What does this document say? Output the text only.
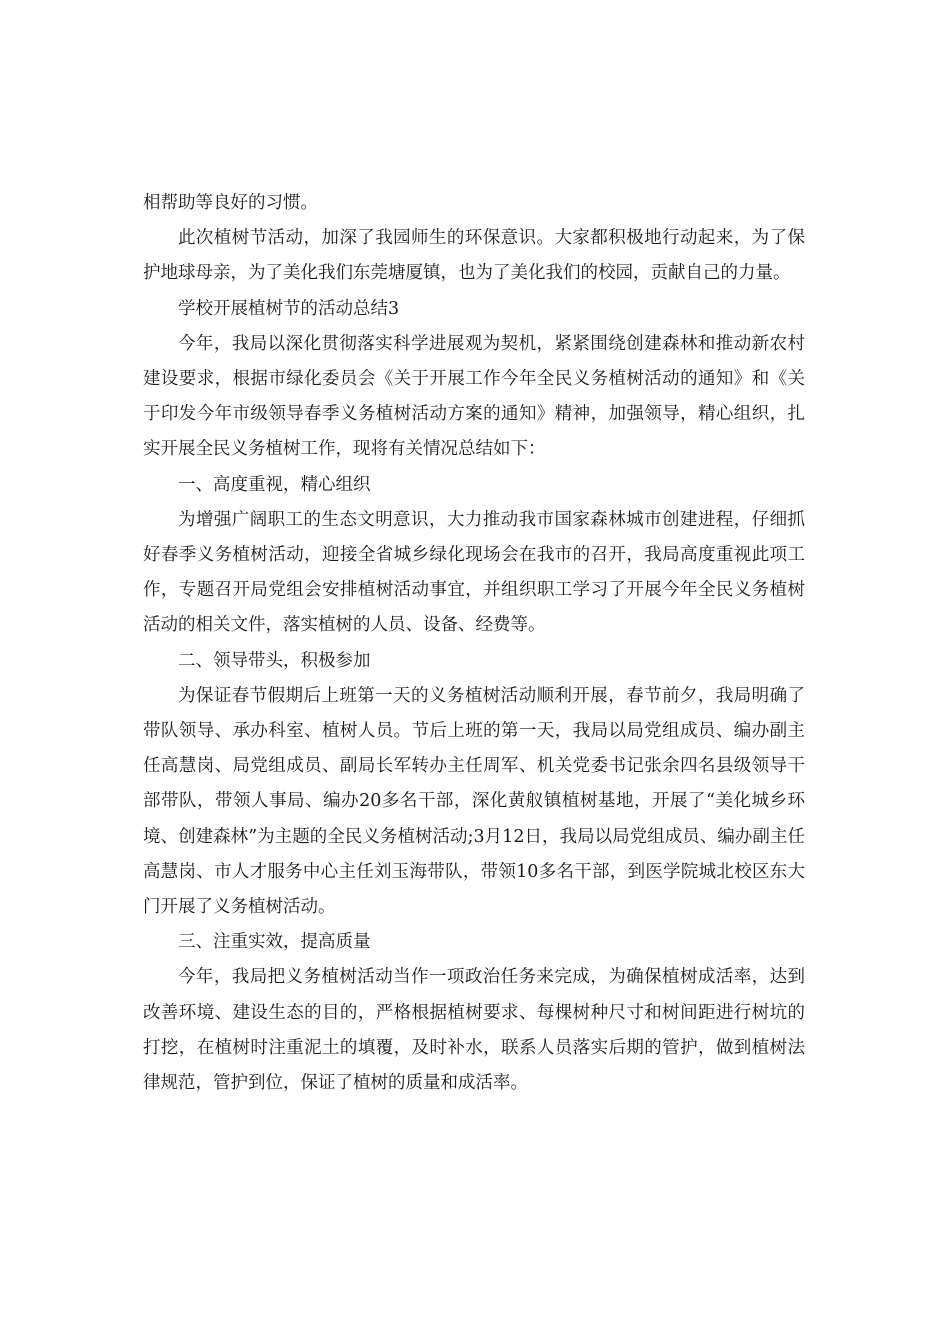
相帮助等良好的习惯。

此次植树节活动，加深了我园师生的环保意识。大家都积极地行动起来，为了保护地球母亲，为了美化我们东莞塘厦镇，也为了美化我们的校园，贡献自己的力量。

学校开展植树节的活动总结3

今年，我局以深化贯彻落实科学进展观为契机，紧紧围绕创建森林和推动新农村建设要求，根据市绿化委员会《关于开展工作今年全民义务植树活动的通知》和《关于印发今年市级领导春季义务植树活动方案的通知》精神，加强领导，精心组织，扎实开展全民义务植树工作，现将有关情况总结如下：

一、高度重视，精心组织

为增强广阔职工的生态文明意识，大力推动我市国家森林城市创建进程，仔细抓好春季义务植树活动，迎接全省城乡绿化现场会在我市的召开，我局高度重视此项工作，专题召开局党组会安排植树活动事宜，并组织职工学习了开展今年全民义务植树活动的相关文件，落实植树的人员、设备、经费等。

二、领导带头，积极参加

为保证春节假期后上班第一天的义务植树活动顺利开展，春节前夕，我局明确了带队领导、承办科室、植树人员。节后上班的第一天，我局以局党组成员、编办副主任高慧岗、局党组成员、副局长军转办主任周军、机关党委书记张余四名县级领导干部带队，带领人事局、编办20多名干部，深化黄舣镇植树基地，开展了“美化城乡环境、创建森林”为主题的全民义务植树活动;3月12日，我局以局党组成员、编办副主任高慧岗、市人才服务中心主任刘玉海带队，带领10多名干部，到医学院城北校区东大门开展了义务植树活动。

三、注重实效，提高质量

今年，我局把义务植树活动当作一项政治任务来完成，为确保植树成活率，达到改善环境、建设生态的目的，严格根据植树要求、每棵树种尺寸和树间距进行树坑的打挖，在植树时注重泥土的填覆，及时补水，联系人员落实后期的管护，做到植树法律规范，管护到位，保证了植树的质量和成活率。
